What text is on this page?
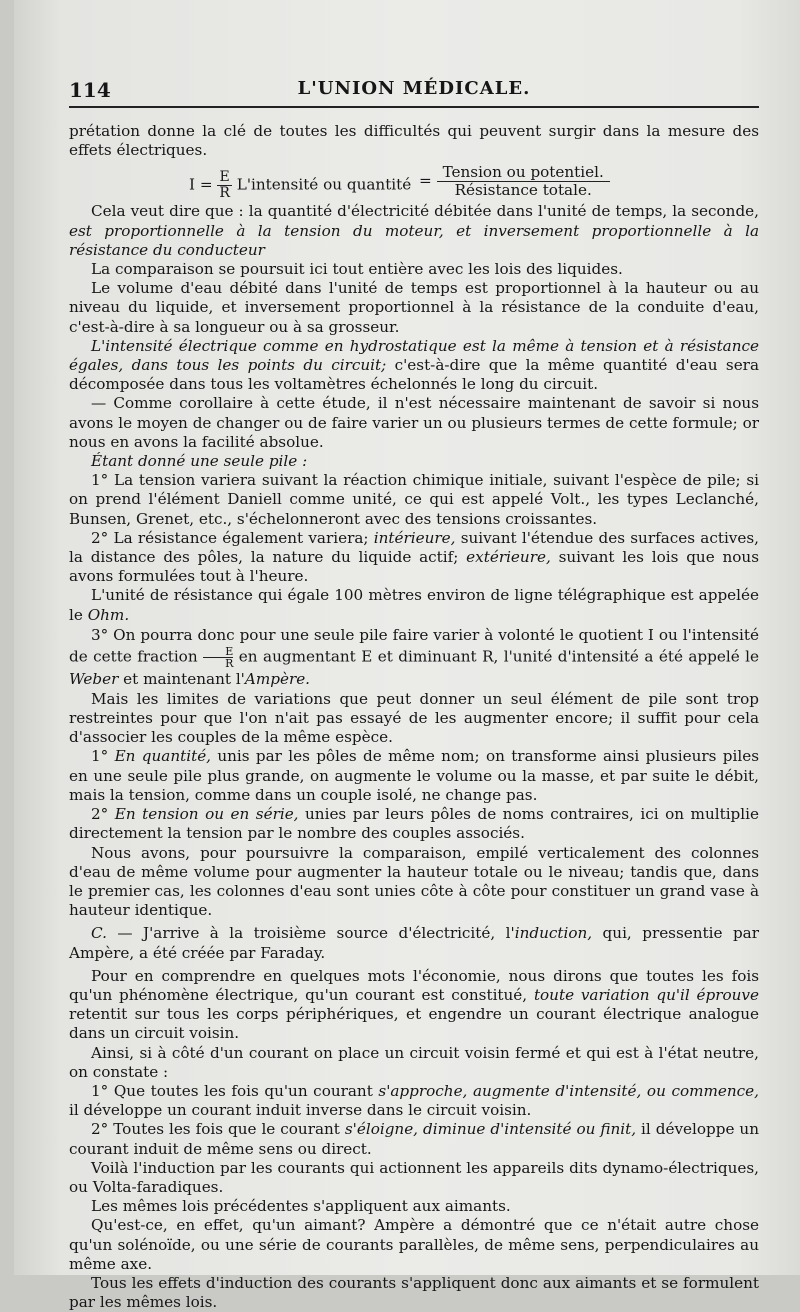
114	L'UNION MÉDICALE.

prétation donne la clé de toutes les difficultés qui peuvent surgir dans la mesure des effets électriques.

$I = \frac{E}{R}$ L'intensité ou quantité = $\frac{\text{Tension ou potentiel.}}{\text{Résistance totale.}}$

Cela veut dire que : la quantité d'électricité débitée dans l'unité de temps, la seconde, est proportionnelle à la tension du moteur, et inversement proportionnelle à la résistance du conducteur

La comparaison se poursuit ici tout entière avec les lois des liquides.

Le volume d'eau débité dans l'unité de temps est proportionnel à la hauteur ou au niveau du liquide, et inversement proportionnel à la résistance de la conduite d'eau, c'est-à-dire à sa longueur ou à sa grosseur.

L'intensité électrique comme en hydrostatique est la même à tension et à résistance égales, dans tous les points du circuit; c'est-à-dire que la même quantité d'eau sera décomposée dans tous les voltamètres échelonnés le long du circuit.

— Comme corollaire à cette étude, il n'est nécessaire maintenant de savoir si nous avons le moyen de changer ou de faire varier un ou plusieurs termes de cette formule; or nous en avons la facilité absolue.

Étant donné une seule pile :

1° La tension variera suivant la réaction chimique initiale, suivant l'espèce de pile; si on prend l'élément Daniell comme unité, ce qui est appelé Volt., les types Leclanché, Bunsen, Grenet, etc., s'échelonneront avec des tensions croissantes.

2° La résistance également variera; intérieure, suivant l'étendue des surfaces actives, la distance des pôles, la nature du liquide actif; extérieure, suivant les lois que nous avons formulées tout à l'heure.

L'unité de résistance qui égale 100 mètres environ de ligne télégraphique est appelée le Ohm.

3° On pourra donc pour une seule pile faire varier à volonté le quotient I ou l'intensité de cette fraction $\frac{E}{R}$ en augmentant E et diminuant R, l'unité d'intensité a été appelé le Weber et maintenant l'Ampère.

Mais les limites de variations que peut donner un seul élément de pile sont trop restreintes pour que l'on n'ait pas essayé de les augmenter encore; il suffit pour cela d'associer les couples de la même espèce.

1° En quantité, unis par les pôles de même nom; on transforme ainsi plusieurs piles en une seule pile plus grande, on augmente le volume ou la masse, et par suite le débit, mais la tension, comme dans un couple isolé, ne change pas.

2° En tension ou en série, unies par leurs pôles de noms contraires, ici on multiplie directement la tension par le nombre des couples associés.

Nous avons, pour poursuivre la comparaison, empilé verticalement des colonnes d'eau de même volume pour augmenter la hauteur totale ou le niveau; tandis que, dans le premier cas, les colonnes d'eau sont unies côte à côte pour constituer un grand vase à hauteur identique.

C. — J'arrive à la troisième source d'électricité, l'induction, qui, pressentie par Ampère, a été créée par Faraday.

Pour en comprendre en quelques mots l'économie, nous dirons que toutes les fois qu'un phénomène électrique, qu'un courant est constitué, toute variation qu'il éprouve retentit sur tous les corps périphériques, et engendre un courant électrique analogue dans un circuit voisin.

Ainsi, si à côté d'un courant on place un circuit voisin fermé et qui est à l'état neutre, on constate :

1° Que toutes les fois qu'un courant s'approche, augmente d'intensité, ou commence, il développe un courant induit inverse dans le circuit voisin.

2° Toutes les fois que le courant s'éloigne, diminue d'intensité ou finit, il développe un courant induit de même sens ou direct.

Voilà l'induction par les courants qui actionnent les appareils dits dynamo-électriques, ou Volta-faradiques.

Les mêmes lois précédentes s'appliquent aux aimants.

Qu'est-ce, en effet, qu'un aimant? Ampère a démontré que ce n'était autre chose qu'un solénoïde, ou une série de courants parallèles, de même sens, perpendiculaires au même axe.

Tous les effets d'induction des courants s'appliquent donc aux aimants et se formulent par les mêmes lois.
